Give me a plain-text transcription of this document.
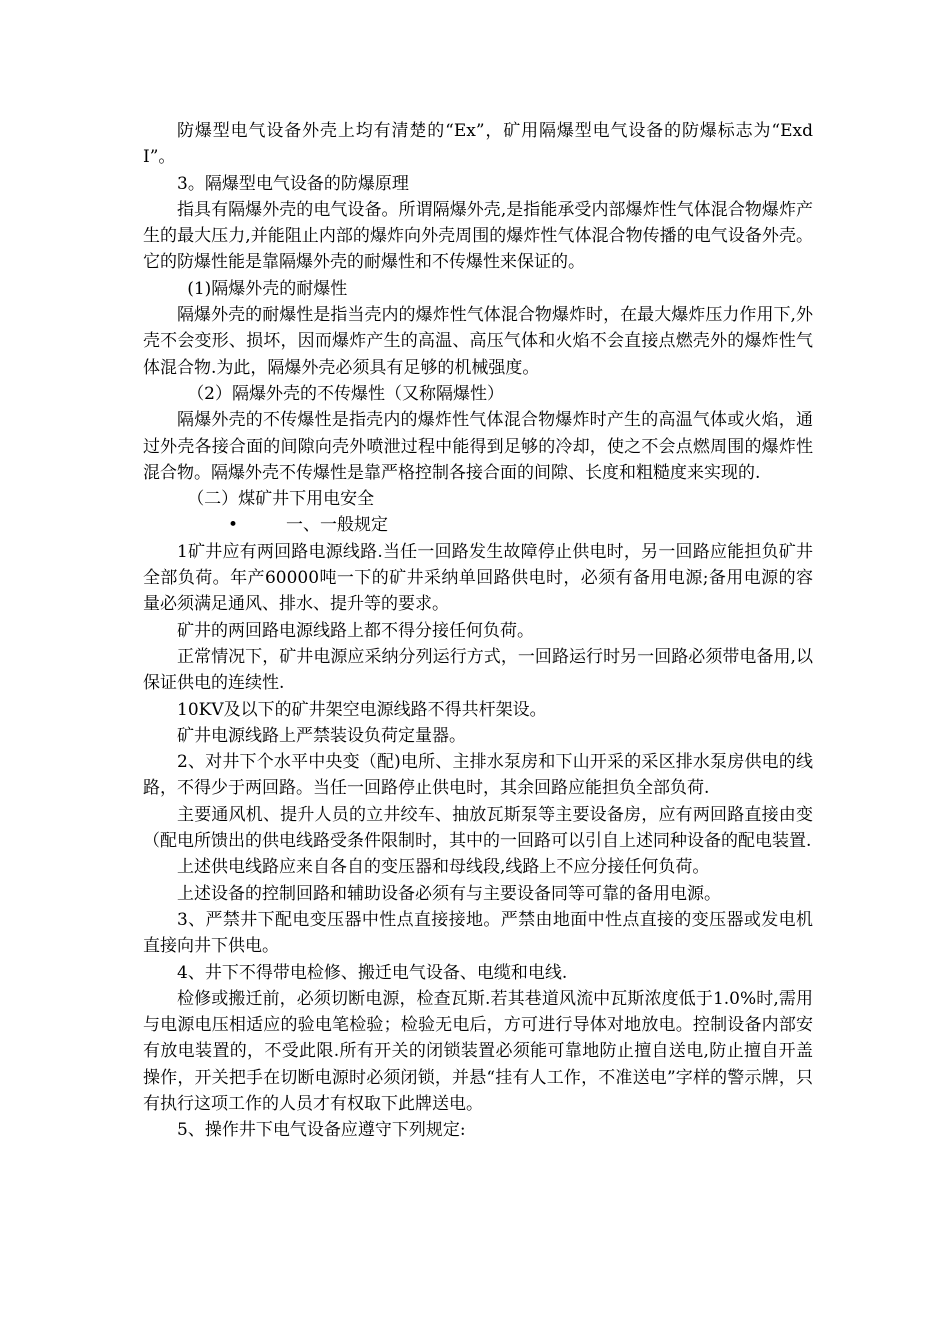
防爆型电气设备外壳上均有清楚的“Ex”，矿用隔爆型电气设备的防爆标志为“ExdI”。

3。隔爆型电气设备的防爆原理

指具有隔爆外壳的电气设备。所谓隔爆外壳,是指能承受内部爆炸性气体混合物爆炸产生的最大压力,并能阻止内部的爆炸向外壳周围的爆炸性气体混合物传播的电气设备外壳。它的防爆性能是靠隔爆外壳的耐爆性和不传爆性来保证的。

(1)隔爆外壳的耐爆性

隔爆外壳的耐爆性是指当壳内的爆炸性气体混合物爆炸时，在最大爆炸压力作用下,外壳不会变形、损坏，因而爆炸产生的高温、高压气体和火焰不会直接点燃壳外的爆炸性气体混合物.为此，隔爆外壳必须具有足够的机械强度。

（2）隔爆外壳的不传爆性（又称隔爆性）

隔爆外壳的不传爆性是指壳内的爆炸性气体混合物爆炸时产生的高温气体或火焰，通过外壳各接合面的间隙向壳外喷泄过程中能得到足够的冷却，使之不会点燃周围的爆炸性混合物。隔爆外壳不传爆性是靠严格控制各接合面的间隙、长度和粗糙度来实现的.

（二）煤矿井下用电安全

•	一、一般规定

1矿井应有两回路电源线路.当任一回路发生故障停止供电时，另一回路应能担负矿井全部负荷。年产60000吨一下的矿井采纳单回路供电时，必须有备用电源;备用电源的容量必须满足通风、排水、提升等的要求。

矿井的两回路电源线路上都不得分接任何负荷。

正常情况下，矿井电源应采纳分列运行方式，一回路运行时另一回路必须带电备用,以保证供电的连续性.

10KV及以下的矿井架空电源线路不得共杆架设。

矿井电源线路上严禁装设负荷定量器。

2、对井下个水平中央变（配)电所、主排水泵房和下山开采的采区排水泵房供电的线路，不得少于两回路。当任一回路停止供电时，其余回路应能担负全部负荷.

主要通风机、提升人员的立井绞车、抽放瓦斯泵等主要设备房，应有两回路直接由变（配电所馈出的供电线路受条件限制时，其中的一回路可以引自上述同种设备的配电装置.

上述供电线路应来自各自的变压器和母线段,线路上不应分接任何负荷。

上述设备的控制回路和辅助设备必须有与主要设备同等可靠的备用电源。

3、严禁井下配电变压器中性点直接接地。严禁由地面中性点直接的变压器或发电机直接向井下供电。

4、井下不得带电检修、搬迁电气设备、电缆和电线.

检修或搬迁前，必须切断电源，检查瓦斯.若其巷道风流中瓦斯浓度低于1.0%时,需用与电源电压相适应的验电笔检验；检验无电后，方可进行导体对地放电。控制设备内部安有放电装置的，不受此限.所有开关的闭锁装置必须能可靠地防止擅自送电,防止擅自开盖操作，开关把手在切断电源时必须闭锁，并悬“挂有人工作，不准送电”字样的警示牌，只有执行这项工作的人员才有权取下此牌送电。

5、操作井下电气设备应遵守下列规定:
